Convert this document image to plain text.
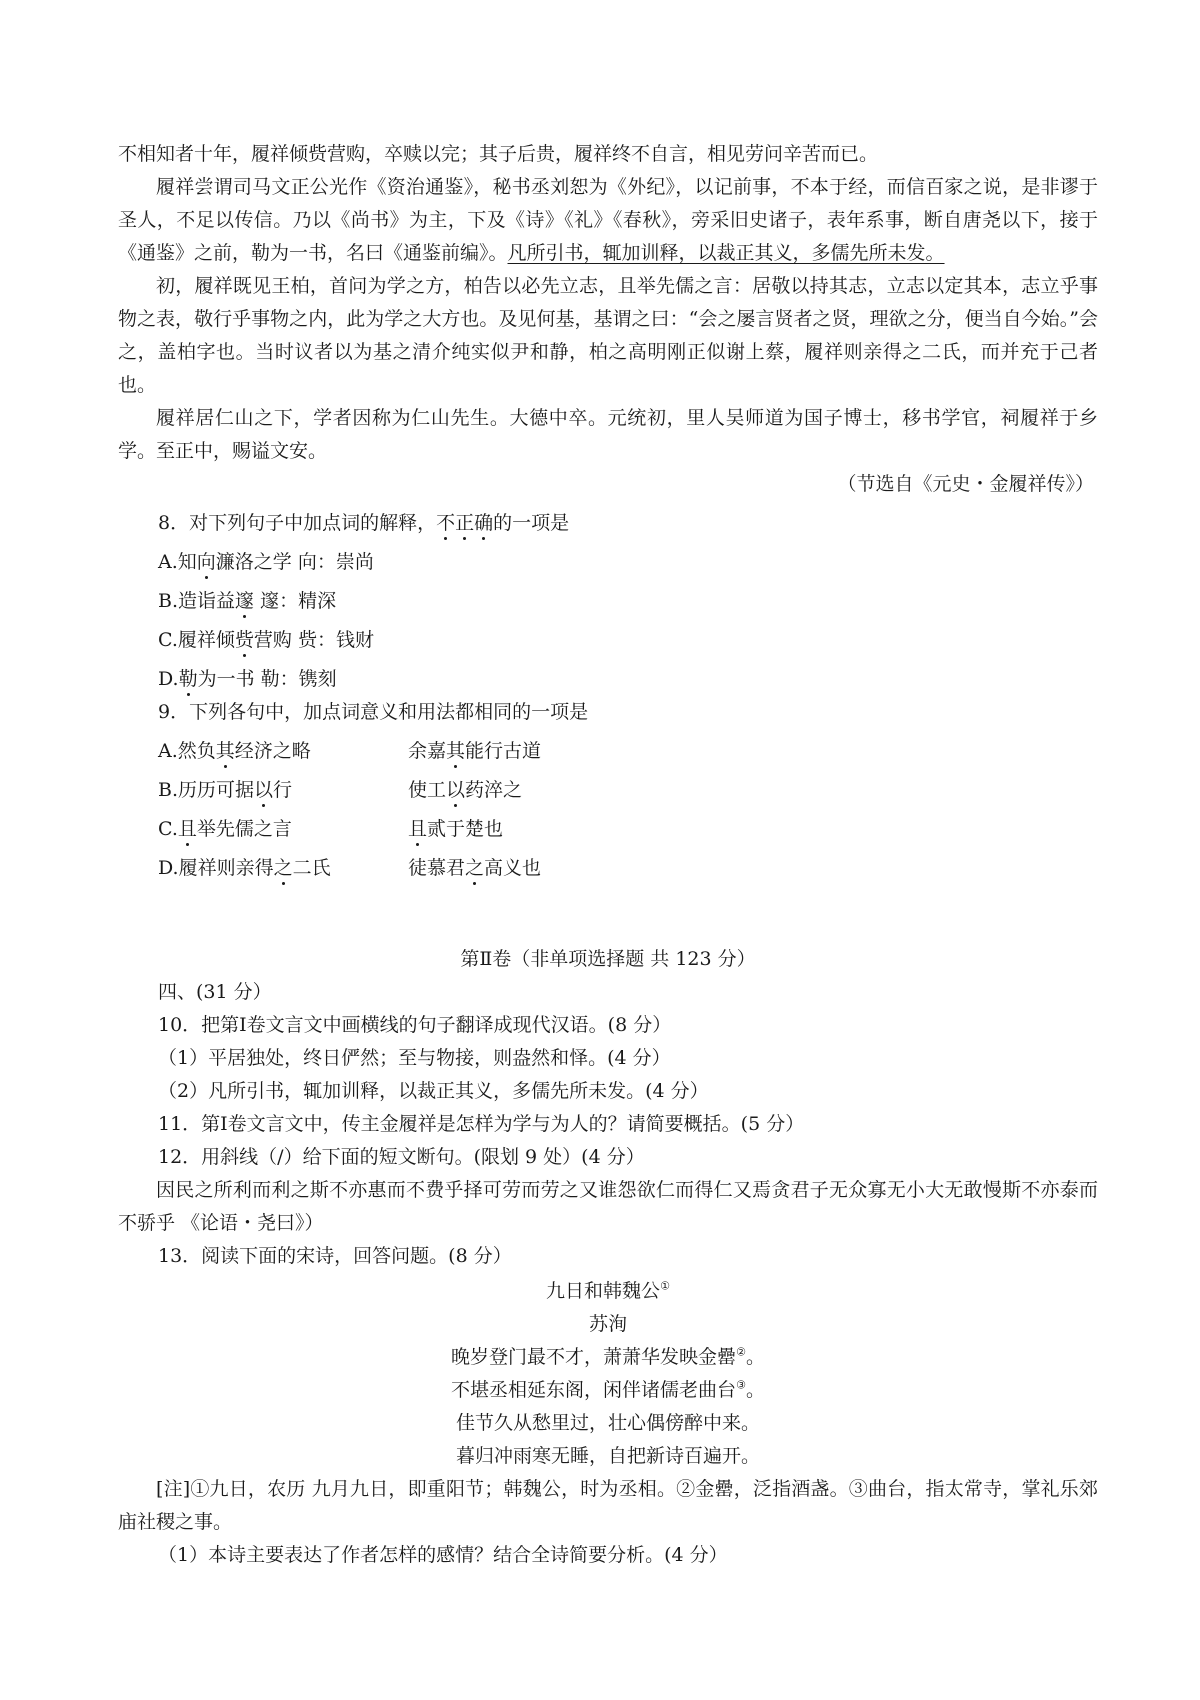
不相知者十年，履祥倾赀营购，卒赎以完；其子后贵，履祥终不自言，相见劳问辛苦而已。

履祥尝谓司马文正公光作《资治通鉴》，秘书丞刘恕为《外纪》，以记前事，不本于经，而信百家之说，是非谬于圣人，不足以传信。乃以《尚书》为主，下及《诗》《礼》《春秋》，旁采旧史诸子，表年系事，断自唐尧以下，接于《通鉴》之前，勒为一书，名曰《通鉴前编》。凡所引书，辄加训释，以裁正其义，多儒先所未发。

初，履祥既见王柏，首问为学之方，柏告以必先立志，且举先儒之言：居敬以持其志，立志以定其本，志立乎事物之表，敬行乎事物之内，此为学之大方也。及见何基，基谓之曰：“会之屡言贤者之贤，理欲之分，便当自今始。”会之，盖柏字也。当时议者以为基之清介纯实似尹和静，柏之高明刚正似谢上蔡，履祥则亲得之二氏，而并充于己者也。

履祥居仁山之下，学者因称为仁山先生。大德中卒。元统初，里人吴师道为国子博士，移书学官，祠履祥于乡学。至正中，赐谥文安。

（节选自《元史・金履祥传》）

8．对下列句子中加点词的解释，不正确的一项是

A.知向濂洛之学 向：崇尚

B.造诣益邃 邃：精深

C.履祥倾赀营购 赀：钱财

D.勒为一书 勒：镌刻

9．下列各句中，加点词意义和用法都相同的一项是

A.然负其经济之略	余嘉其能行古道
B.历历可据以行	使工以药淬之
C.且举先儒之言	且贰于楚也
D.履祥则亲得之二氏	徒慕君之高义也

第Ⅱ卷（非单项选择题 共 123 分）

四、(31 分）

10．把第Ⅰ卷文言文中画横线的句子翻译成现代汉语。(8 分）

（1）平居独处，终日俨然；至与物接，则盎然和怿。(4 分）

（2）凡所引书，辄加训释，以裁正其义，多儒先所未发。(4 分）

11．第Ⅰ卷文言文中，传主金履祥是怎样为学与为人的？请简要概括。(5 分）

12．用斜线（/）给下面的短文断句。(限划 9 处）(4 分）

因民之所利而利之斯不亦惠而不费乎择可劳而劳之又谁怨欲仁而得仁又焉贪君子无众寡无小大无敢慢斯不亦泰而不骄乎 《论语・尧曰》）

13．阅读下面的宋诗，回答问题。(8 分）

九日和韩魏公①

苏洵

晚岁登门最不才，萧萧华发映金罍②。

不堪丞相延东阁，闲伴诸儒老曲台③。

佳节久从愁里过，壮心偶傍醉中来。

暮归冲雨寒无睡，自把新诗百遍开。

[注]①九日，农历 九月九日，即重阳节；韩魏公，时为丞相。②金罍，泛指酒盏。③曲台，指太常寺，掌礼乐郊庙社稷之事。

（1）本诗主要表达了作者怎样的感情？结合全诗简要分析。(4 分）
